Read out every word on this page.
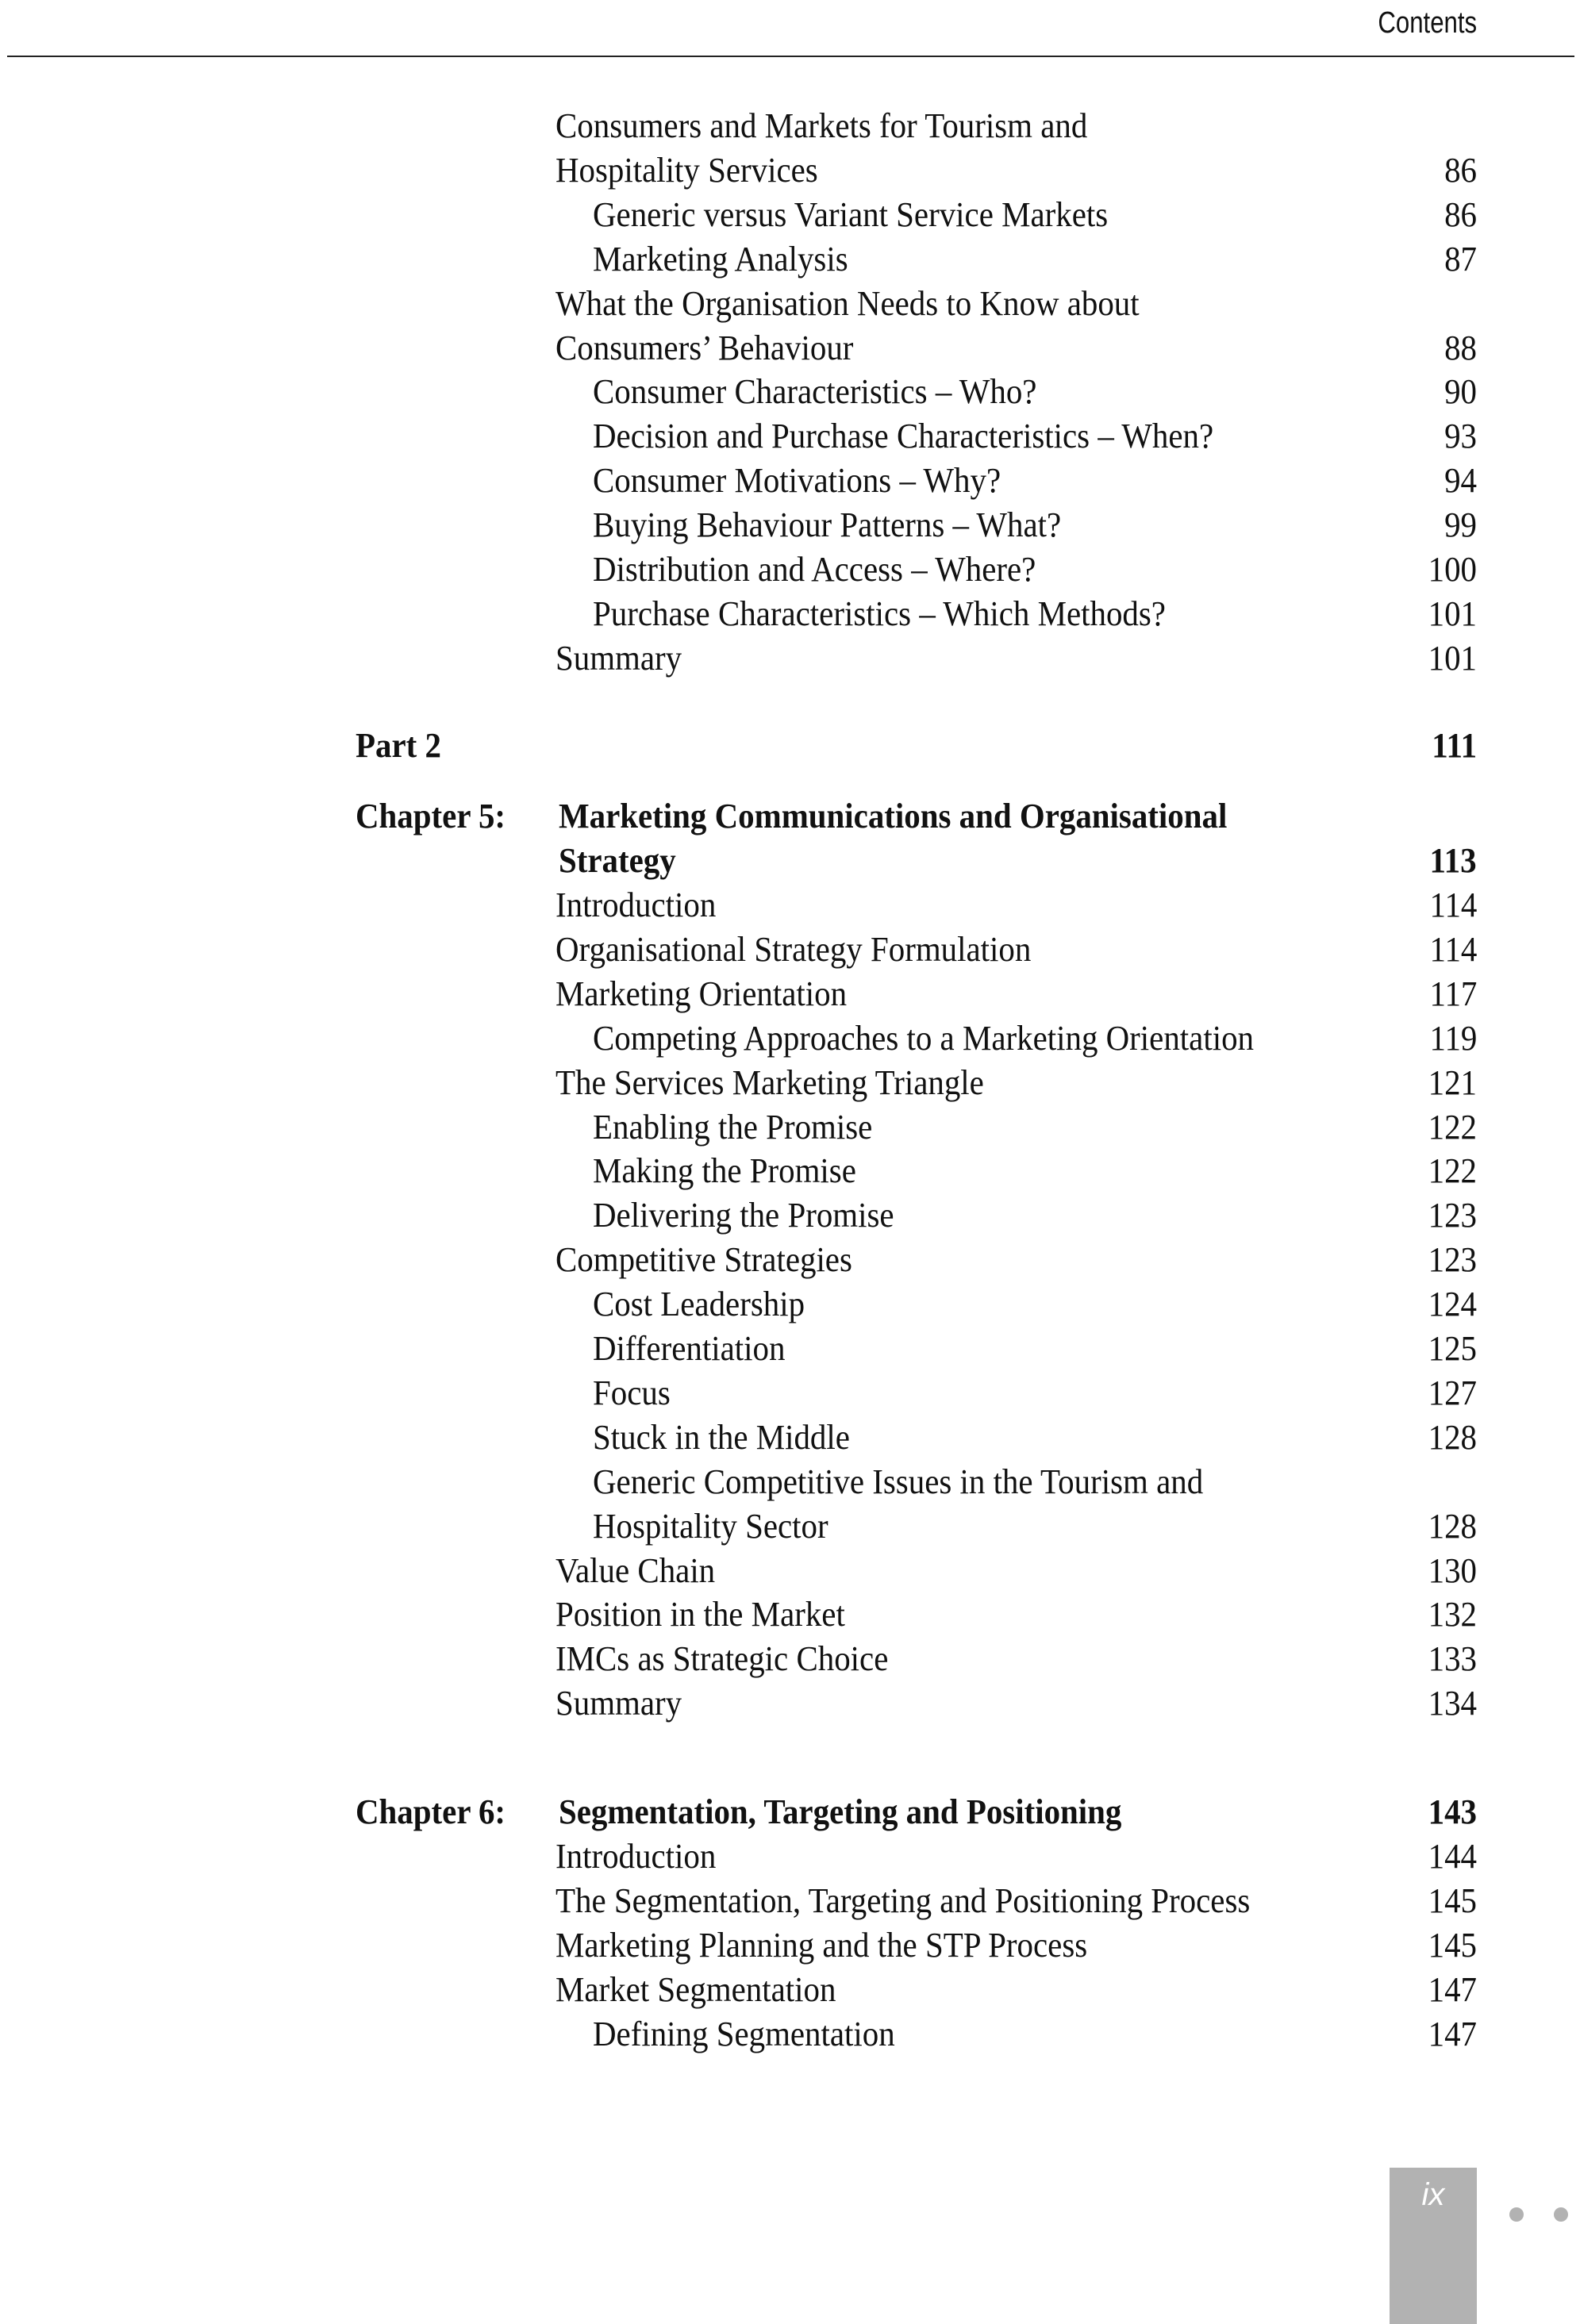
Contents
Consumers and Markets for Tourism and
Hospitality Services	86
Generic versus Variant Service Markets	86
Marketing Analysis	87
What the Organisation Needs to Know about
Consumers’ Behaviour	88
Consumer Characteristics – Who?	90
Decision and Purchase Characteristics – When?	93
Consumer Motivations – Why?	94
Buying Behaviour Patterns – What?	99
Distribution and Access – Where?	100
Purchase Characteristics – Which Methods?	101
Summary	101
Part 2	111
Chapter 5: Marketing Communications and Organisational
Strategy	113
Introduction	114
Organisational Strategy Formulation	114
Marketing Orientation	117
Competing Approaches to a Marketing Orientation	119
The Services Marketing Triangle	121
Enabling the Promise	122
Making the Promise	122
Delivering the Promise	123
Competitive Strategies	123
Cost Leadership	124
Differentiation	125
Focus	127
Stuck in the Middle	128
Generic Competitive Issues in the Tourism and
Hospitality Sector	128
Value Chain	130
Position in the Market	132
IMCs as Strategic Choice	133
Summary	134
Chapter 6: Segmentation, Targeting and Positioning	143
Introduction	144
The Segmentation, Targeting and Positioning Process	145
Marketing Planning and the STP Process	145
Market Segmentation	147
Defining Segmentation	147
ix
